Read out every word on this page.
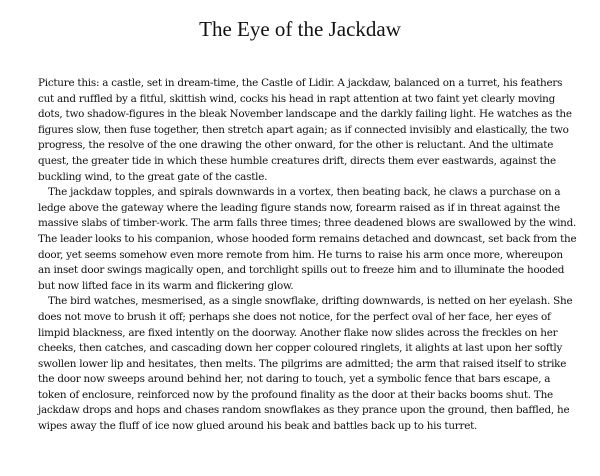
The Eye of the Jackdaw

Picture this: a castle, set in dream-time, the Castle of Lidir. A jackdaw, balanced on a turret, his feathers cut and ruffled by a fitful, skittish wind, cocks his head in rapt attention at two faint yet clearly moving dots, two shadow-figures in the bleak November landscape and the darkly failing light. He watches as the figures slow, then fuse together, then stretch apart again; as if connected invisibly and elastically, the two progress, the resolve of the one drawing the other onward, for the other is reluctant. And the ultimate quest, the greater tide in which these humble creatures drift, directs them ever eastwards, against the buckling wind, to the great gate of the castle.

The jackdaw topples, and spirals downwards in a vortex, then beating back, he claws a purchase on a ledge above the gateway where the leading figure stands now, forearm raised as if in threat against the massive slabs of timber-work. The arm falls three times; three deadened blows are swallowed by the wind. The leader looks to his companion, whose hooded form remains detached and downcast, set back from the door, yet seems somehow even more remote from him. He turns to raise his arm once more, whereupon an inset door swings magically open, and torchlight spills out to freeze him and to illuminate the hooded but now lifted face in its warm and flickering glow.

The bird watches, mesmerised, as a single snowflake, drifting downwards, is netted on her eyelash. She does not move to brush it off; perhaps she does not notice, for the perfect oval of her face, her eyes of limpid blackness, are fixed intently on the doorway. Another flake now slides across the freckles on her cheeks, then catches, and cascading down her copper coloured ringlets, it alights at last upon her softly swollen lower lip and hesitates, then melts. The pilgrims are admitted; the arm that raised itself to strike the door now sweeps around behind her, not daring to touch, yet a symbolic fence that bars escape, a token of enclosure, reinforced now by the profound finality as the door at their backs booms shut. The jackdaw drops and hops and chases random snowflakes as they prance upon the ground, then baffled, he wipes away the fluff of ice now glued around his beak and battles back up to his turret.
